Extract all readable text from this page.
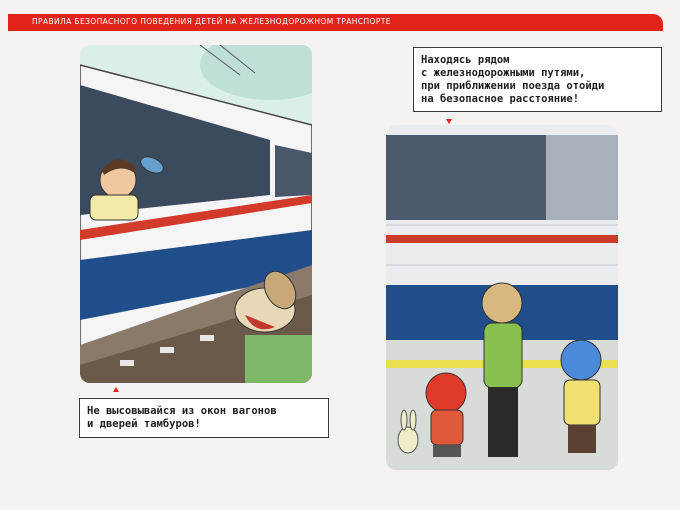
ПРАВИЛА БЕЗОПАСНОГО ПОВЕДЕНИЯ ДЕТЕЙ НА ЖЕЛЕЗНОДОРОЖНОМ ТРАНСПОРТЕ
Находясь рядом
с железнодорожными путями,
при приближении поезда отойди
на безопасное расстояние!
Не высовывайся из окон вагонов
и дверей тамбуров!
